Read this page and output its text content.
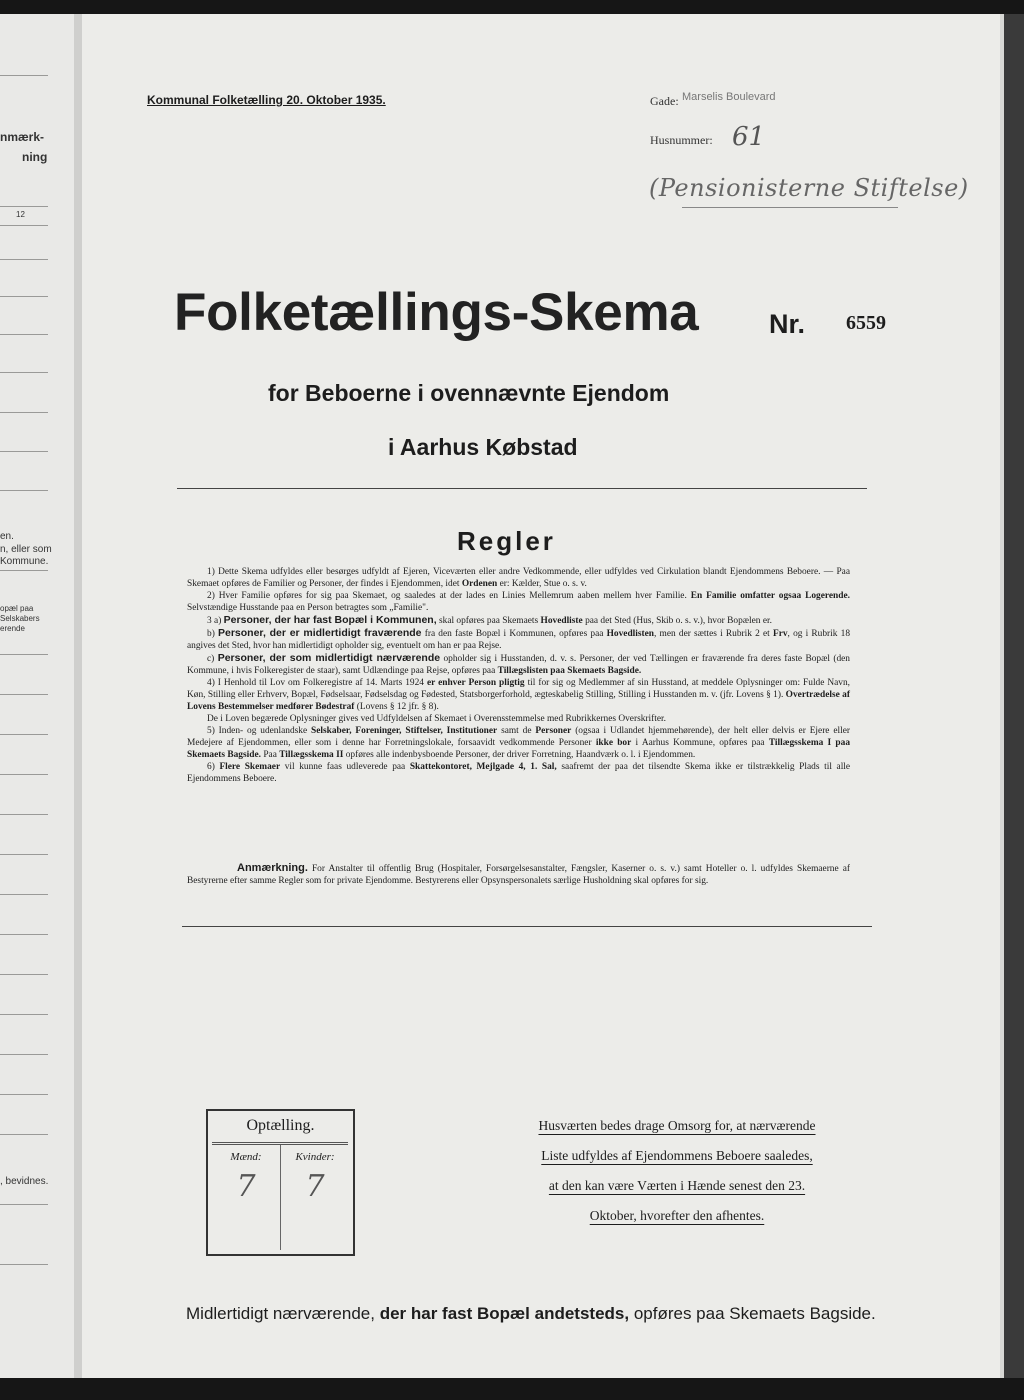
nmærk-
ning
12
en.
n, eller som
Kommune.
opæl paa
Selskabers
erende
, bevidnes.
Kommunal Folketælling 20. Oktober 1935.	Gade: Marselis Boulevard
Husnummer: 61
(Pensionisterne Stiftelse)
Folketællings-Skema	Nr. 6559
for Beboerne i ovennævnte Ejendom
i Aarhus Købstad
Regler

1) Dette Skema udfyldes eller besørges udfyldt af Ejeren, Viceværten eller andre Vedkommende, eller udfyldes ved Cirkulation blandt Ejendommens Beboere. — Paa Skemaet opføres de Familier og Personer, der findes i Ejendommen, idet Ordenen er: Kælder, Stue o. s. v.

2) Hver Familie opføres for sig paa Skemaet, og saaledes at der lades en Linies Mellemrum aaben mellem hver Familie. En Familie omfatter ogsaa Logerende. Selvstændige Husstande paa en Person betragtes som „Familie".

3 a) Personer, der har fast Bopæl i Kommunen, skal opføres paa Skemaets Hovedliste paa det Sted (Hus, Skib o. s. v.), hvor Bopælen er.

b) Personer, der er midlertidigt fraværende fra den faste Bopæl i Kommunen, opføres paa Hovedlisten, men der sættes i Rubrik 2 et Frv, og i Rubrik 18 angives det Sted, hvor han midlertidigt opholder sig, eventuelt om han er paa Rejse.

c) Personer, der som midlertidigt nærværende opholder sig i Husstanden, d. v. s. Personer, der ved Tællingen er fraværende fra deres faste Bopæl (den Kommune, i hvis Folkeregister de staar), samt Udlændinge paa Rejse, opføres paa Tillægslisten paa Skemaets Bagside.

4) I Henhold til Lov om Folkeregistre af 14. Marts 1924 er enhver Person pligtig til for sig og Medlemmer af sin Husstand, at meddele Oplysninger om: Fulde Navn, Køn, Stilling eller Erhverv, Bopæl, Fødselsaar, Fødselsdag og Fødested, Statsborgerforhold, ægteskabelig Stilling, Stilling i Husstanden m. v. (jfr. Lovens § 1). Overtrædelse af Lovens Bestemmelser medfører Bødestraf (Lovens § 12 jfr. § 8).

De i Loven begærede Oplysninger gives ved Udfyldelsen af Skemaet i Overensstemmelse med Rubrikkernes Overskrifter.

5) Inden- og udenlandske Selskaber, Foreninger, Stiftelser, Institutioner samt de Personer (ogsaa i Udlandet hjemmehørende), der helt eller delvis er Ejere eller Medejere af Ejendommen, eller som i denne har Forretningslokale, forsaavidt vedkommende Personer ikke bor i Aarhus Kommune, opføres paa Tillægsskema I paa Skemaets Bagside. Paa Tillægsskema II opføres alle indenbysboende Personer, der driver Forretning, Haandværk o. l. i Ejendommen.

6) Flere Skemaer vil kunne faas udleverede paa Skattekontoret, Mejlgade 4, 1. Sal, saafremt der paa det tilsendte Skema ikke er tilstrækkelig Plads til alle Ejendommens Beboere.

Anmærkning. For Anstalter til offentlig Brug (Hospitaler, Forsørgelsesanstalter, Fængsler, Kaserner o. s. v.) samt Hoteller o. l. udfyldes Skemaerne af Bestyrerne efter samme Regler som for private Ejendomme. Bestyrerens eller Opsynspersonalets særlige Husholdning skal opføres for sig.

Optælling.
Mænd:
7
Kvinder:
7
Husværten bedes drage Omsorg for, at nærværende
Liste udfyldes af Ejendommens Beboere saaledes,
at den kan være Værten i Hænde senest den 23.
Oktober, hvorefter den afhentes.
Midlertidigt nærværende, der har fast Bopæl andetsteds, opføres paa Skemaets Bagside.
